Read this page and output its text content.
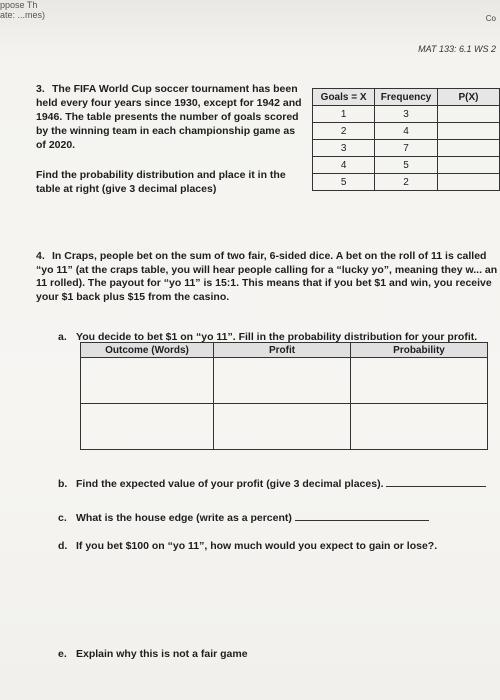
ppose Th
ate: ...mes)	Co
MAT 133: 6.1 WS 2
3. The FIFA World Cup soccer tournament has been held every four years since 1930, except for 1942 and 1946. The table presents the number of goals scored by the winning team in each championship game as of 2020.
Find the probability distribution and place it in the table at right (give 3 decimal places)
Goals = X	Frequency	P(X)
1	3	
2	4	
3	7	
4	5	
5	2	
4. In Craps, people bet on the sum of two fair, 6-sided dice. A bet on the roll of 11 is called “yo 11” (at the craps table, you will hear people calling for a “lucky yo”, meaning they w... an 11 rolled). The payout for “yo 11” is 15:1. This means that if you bet $1 and win, you receive your $1 back plus $15 from the casino.
a. You decide to bet $1 on “yo 11”. Fill in the probability distribution for your profit.
Outcome (Words)	Profit	Probability

b. Find the expected value of your profit (give 3 decimal places).
c. What is the house edge (write as a percent)
d. If you bet $100 on “yo 11”, how much would you expect to gain or lose?.
e. Explain why this is not a fair game
